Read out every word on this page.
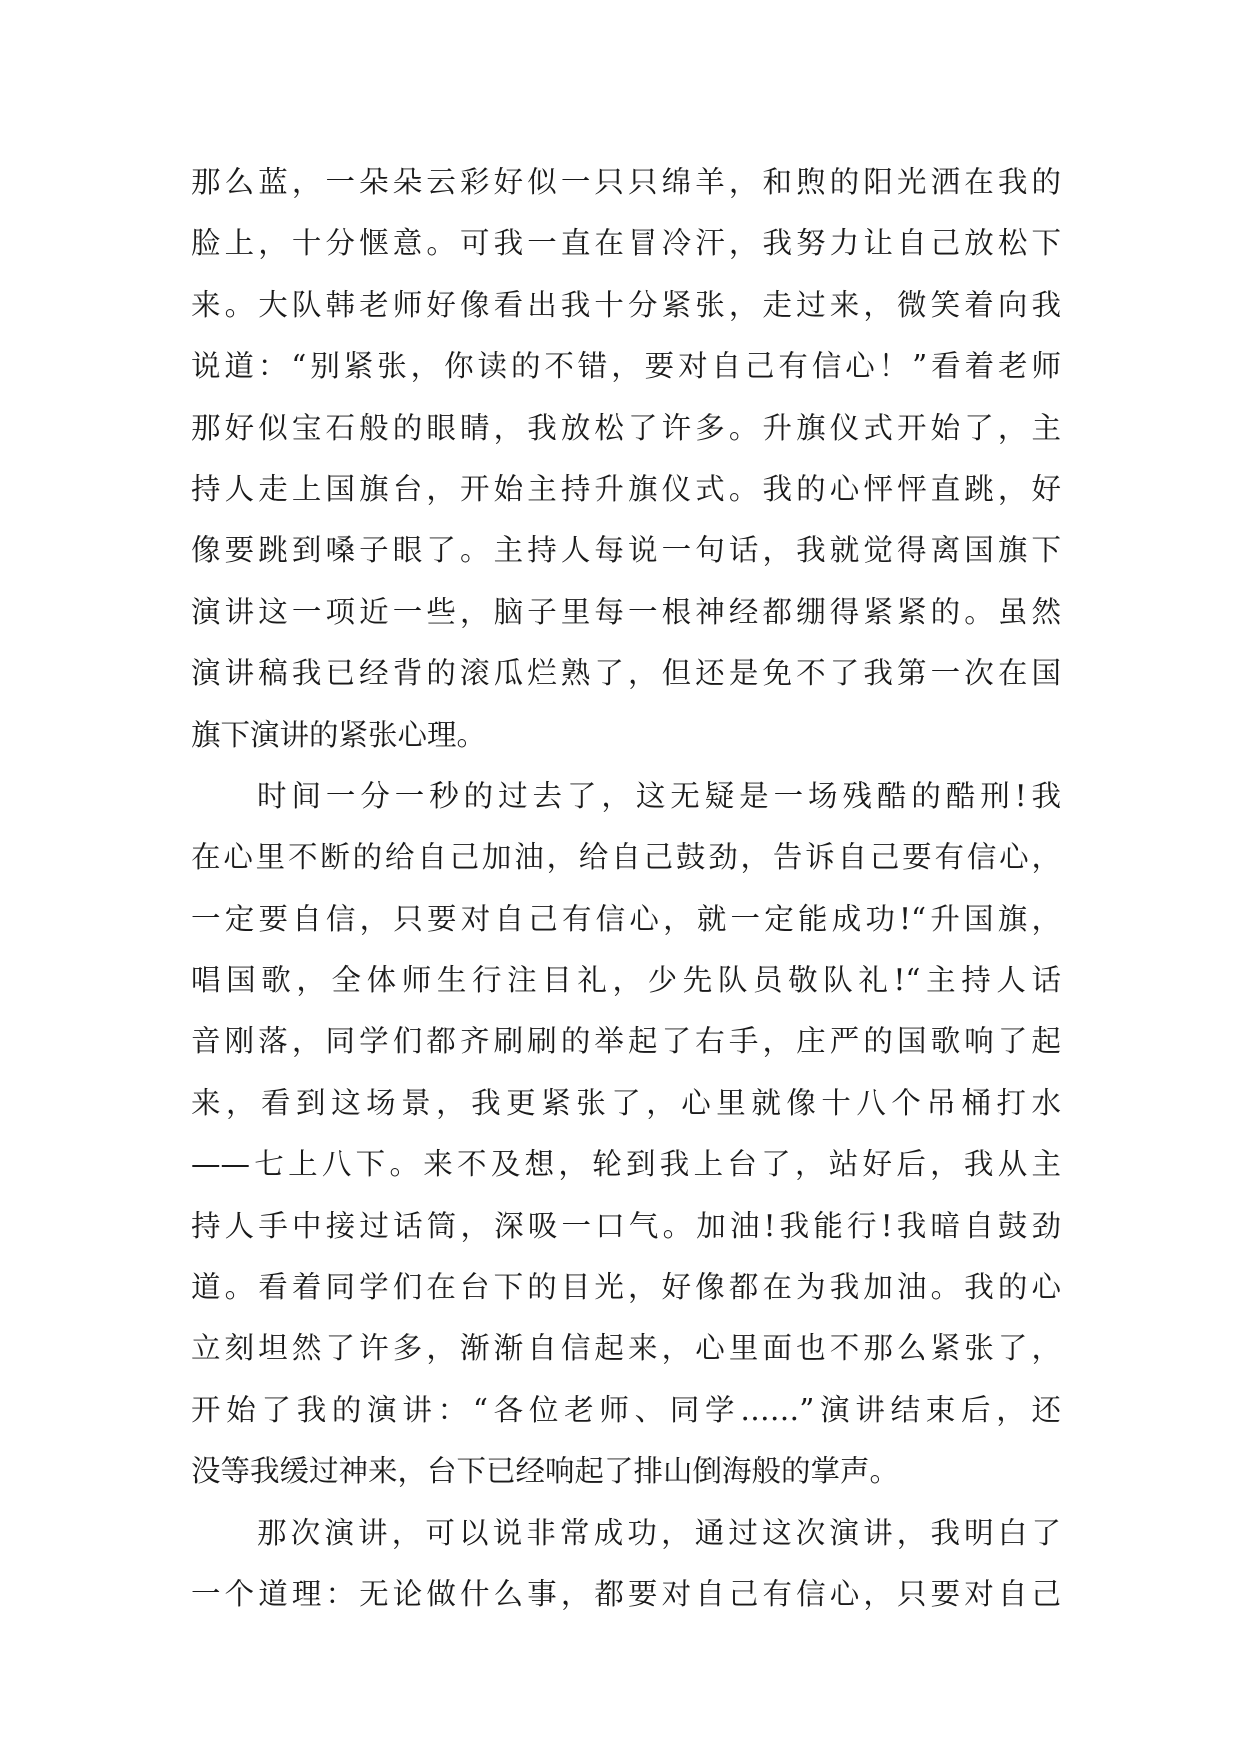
那么蓝，一朵朵云彩好似一只只绵羊，和煦的阳光洒在我的
脸上，十分惬意。可我一直在冒冷汗，我努力让自己放松下
来。大队韩老师好像看出我十分紧张，走过来，微笑着向我
说道：“别紧张，你读的不错，要对自己有信心！”看着老师
那好似宝石般的眼睛，我放松了许多。升旗仪式开始了，主
持人走上国旗台，开始主持升旗仪式。我的心怦怦直跳，好
像要跳到嗓子眼了。主持人每说一句话，我就觉得离国旗下
演讲这一项近一些，脑子里每一根神经都绷得紧紧的。虽然
演讲稿我已经背的滚瓜烂熟了，但还是免不了我第一次在国
旗下演讲的紧张心理。
时间一分一秒的过去了，这无疑是一场残酷的酷刑!我
在心里不断的给自己加油，给自己鼓劲，告诉自己要有信心，
一定要自信，只要对自己有信心，就一定能成功!“升国旗，
唱国歌，全体师生行注目礼，少先队员敬队礼!“主持人话
音刚落，同学们都齐刷刷的举起了右手，庄严的国歌响了起
来，看到这场景，我更紧张了，心里就像十八个吊桶打水
——七上八下。来不及想，轮到我上台了，站好后，我从主
持人手中接过话筒，深吸一口气。加油!我能行!我暗自鼓劲
道。看着同学们在台下的目光，好像都在为我加油。我的心
立刻坦然了许多，渐渐自信起来，心里面也不那么紧张了，
开始了我的演讲：“各位老师、同学……”演讲结束后，还
没等我缓过神来，台下已经响起了排山倒海般的掌声。
那次演讲，可以说非常成功，通过这次演讲，我明白了
一个道理：无论做什么事，都要对自己有信心，只要对自己
